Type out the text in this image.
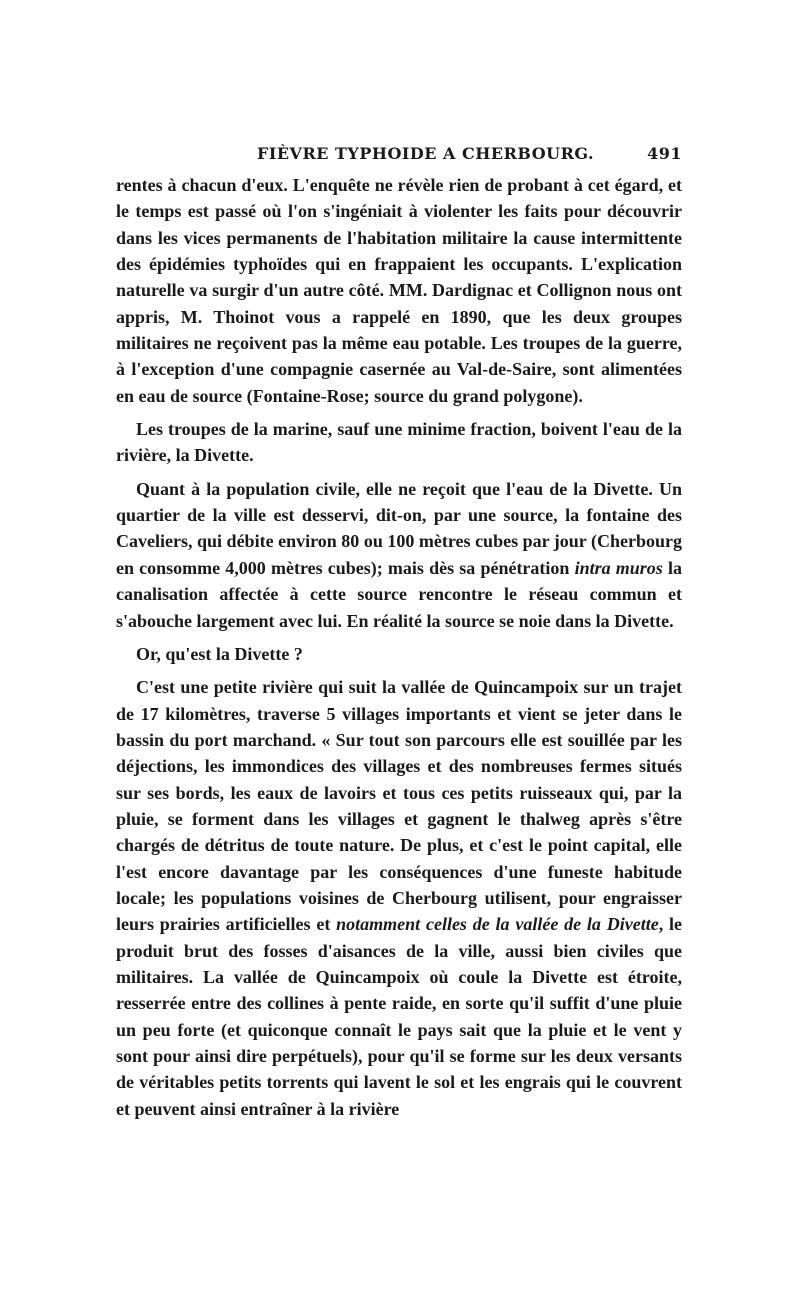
FIÈVRE TYPHOIDE A CHERBOURG.	491

rentes à chacun d'eux. L'enquête ne révèle rien de probant à cet égard, et le temps est passé où l'on s'ingéniait à violenter les faits pour découvrir dans les vices permanents de l'habitation militaire la cause intermittente des épidémies typhoïdes qui en frappaient les occupants. L'explication naturelle va surgir d'un autre côté. MM. Dardignac et Collignon nous ont appris, M. Thoinot vous a rappelé en 1890, que les deux groupes militaires ne reçoivent pas la même eau potable. Les troupes de la guerre, à l'exception d'une compagnie casernée au Val-de-Saire, sont alimentées en eau de source (Fontaine-Rose; source du grand polygone).

Les troupes de la marine, sauf une minime fraction, boivent l'eau de la rivière, la Divette.

Quant à la population civile, elle ne reçoit que l'eau de la Divette. Un quartier de la ville est desservi, dit-on, par une source, la fontaine des Caveliers, qui débite environ 80 ou 100 mètres cubes par jour (Cherbourg en consomme 4,000 mètres cubes); mais dès sa pénétration intra muros la canalisation affectée à cette source rencontre le réseau commun et s'abouche largement avec lui. En réalité la source se noie dans la Divette.

Or, qu'est la Divette ?

C'est une petite rivière qui suit la vallée de Quincampoix sur un trajet de 17 kilomètres, traverse 5 villages importants et vient se jeter dans le bassin du port marchand. « Sur tout son parcours elle est souillée par les déjections, les immondices des villages et des nombreuses fermes situés sur ses bords, les eaux de lavoirs et tous ces petits ruisseaux qui, par la pluie, se forment dans les villages et gagnent le thalweg après s'être chargés de détritus de toute nature. De plus, et c'est le point capital, elle l'est encore davantage par les conséquences d'une funeste habitude locale; les populations voisines de Cherbourg utilisent, pour engraisser leurs prairies artificielles et notamment celles de la vallée de la Divette, le produit brut des fosses d'aisances de la ville, aussi bien civiles que militaires. La vallée de Quincampoix où coule la Divette est étroite, resserrée entre des collines à pente raide, en sorte qu'il suffit d'une pluie un peu forte (et quiconque connaît le pays sait que la pluie et le vent y sont pour ainsi dire perpétuels), pour qu'il se forme sur les deux versants de véritables petits torrents qui lavent le sol et les engrais qui le couvrent et peuvent ainsi entraîner à la rivière
